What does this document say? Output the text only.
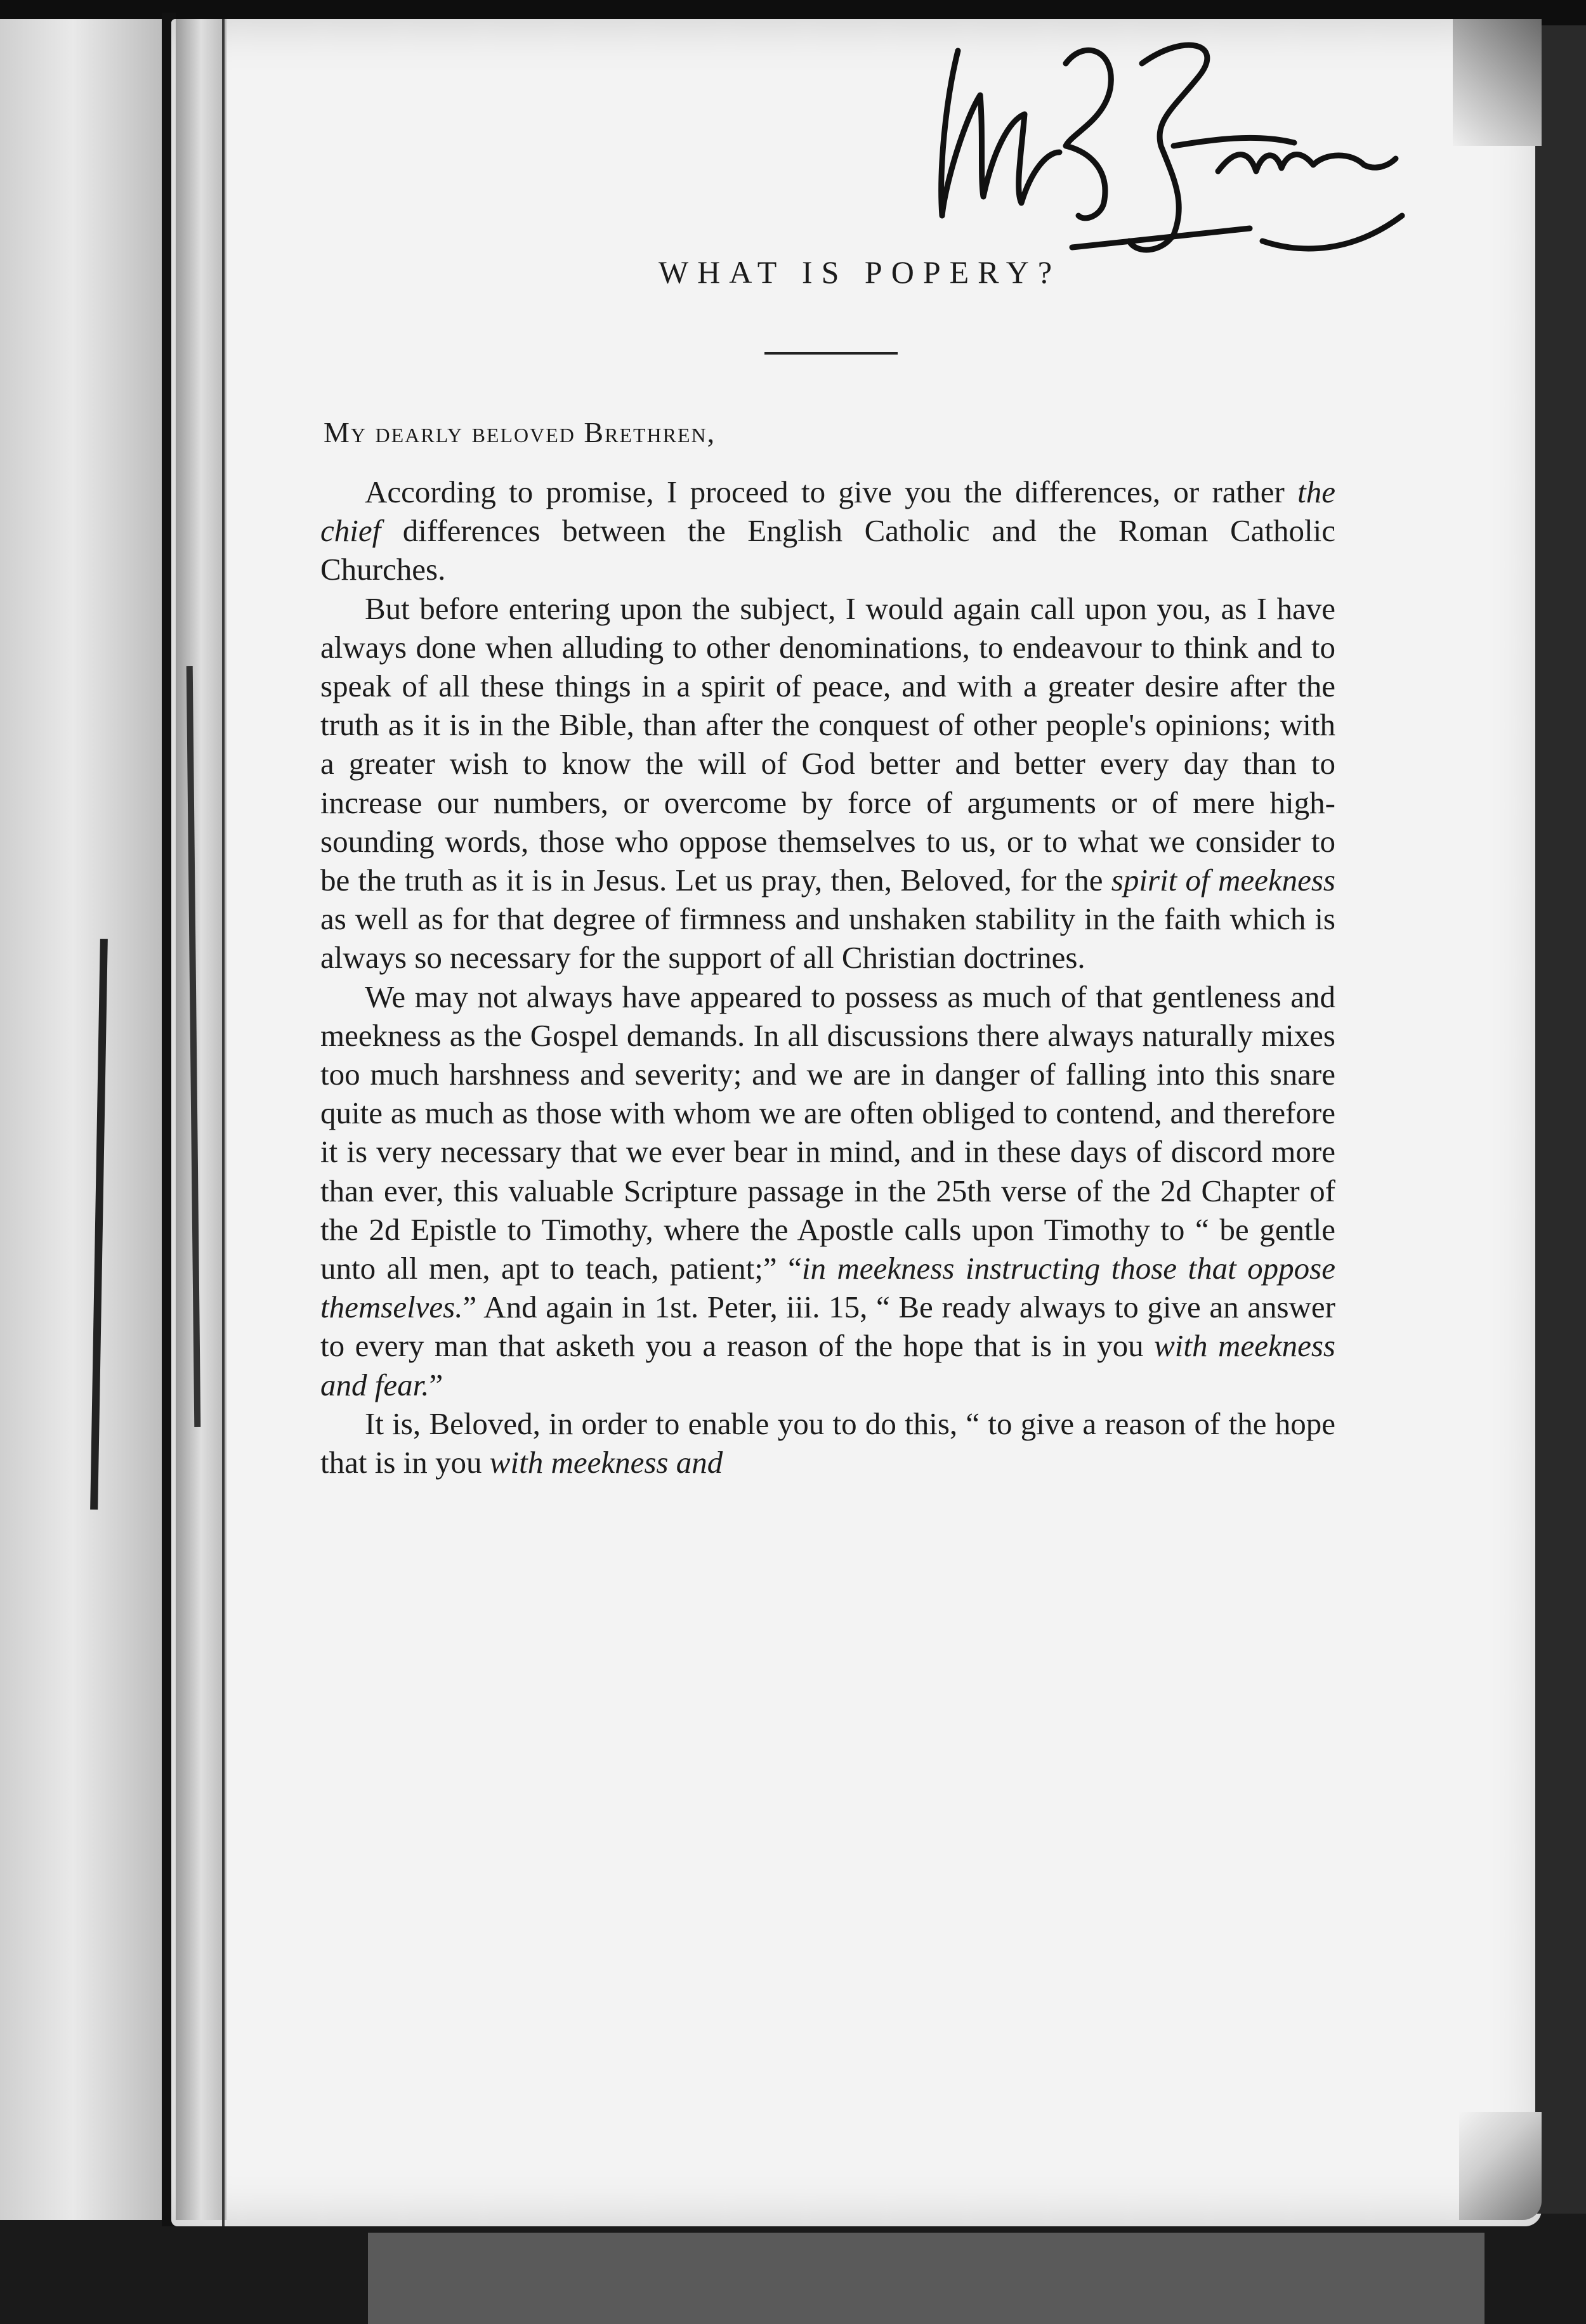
WHAT IS POPERY?
My dearly beloved Brethren,

According to promise, I proceed to give you the differences, or rather the chief differences between the English Catholic and the Roman Catholic Churches.

But before entering upon the subject, I would again call upon you, as I have always done when alluding to other denominations, to endeavour to think and to speak of all these things in a spirit of peace, and with a greater desire after the truth as it is in the Bible, than after the conquest of other people's opinions; with a greater wish to know the will of God better and better every day than to increase our numbers, or overcome by force of arguments or of mere high-sounding words, those who oppose themselves to us, or to what we consider to be the truth as it is in Jesus. Let us pray, then, Beloved, for the spirit of meekness as well as for that degree of firmness and unshaken stability in the faith which is always so necessary for the support of all Christian doctrines.

We may not always have appeared to possess as much of that gentleness and meekness as the Gospel demands. In all discussions there always naturally mixes too much harshness and severity; and we are in danger of falling into this snare quite as much as those with whom we are often obliged to contend, and therefore it is very necessary that we ever bear in mind, and in these days of discord more than ever, this valuable Scripture passage in the 25th verse of the 2d Chapter of the 2d Epistle to Timothy, where the Apostle calls upon Timothy to “ be gentle unto all men, apt to teach, patient;” “in meekness instructing those that oppose themselves.” And again in 1st. Peter, iii. 15, “ Be ready always to give an answer to every man that asketh you a reason of the hope that is in you with meekness and fear.”

It is, Beloved, in order to enable you to do this, “ to give a reason of the hope that is in you with meekness and
